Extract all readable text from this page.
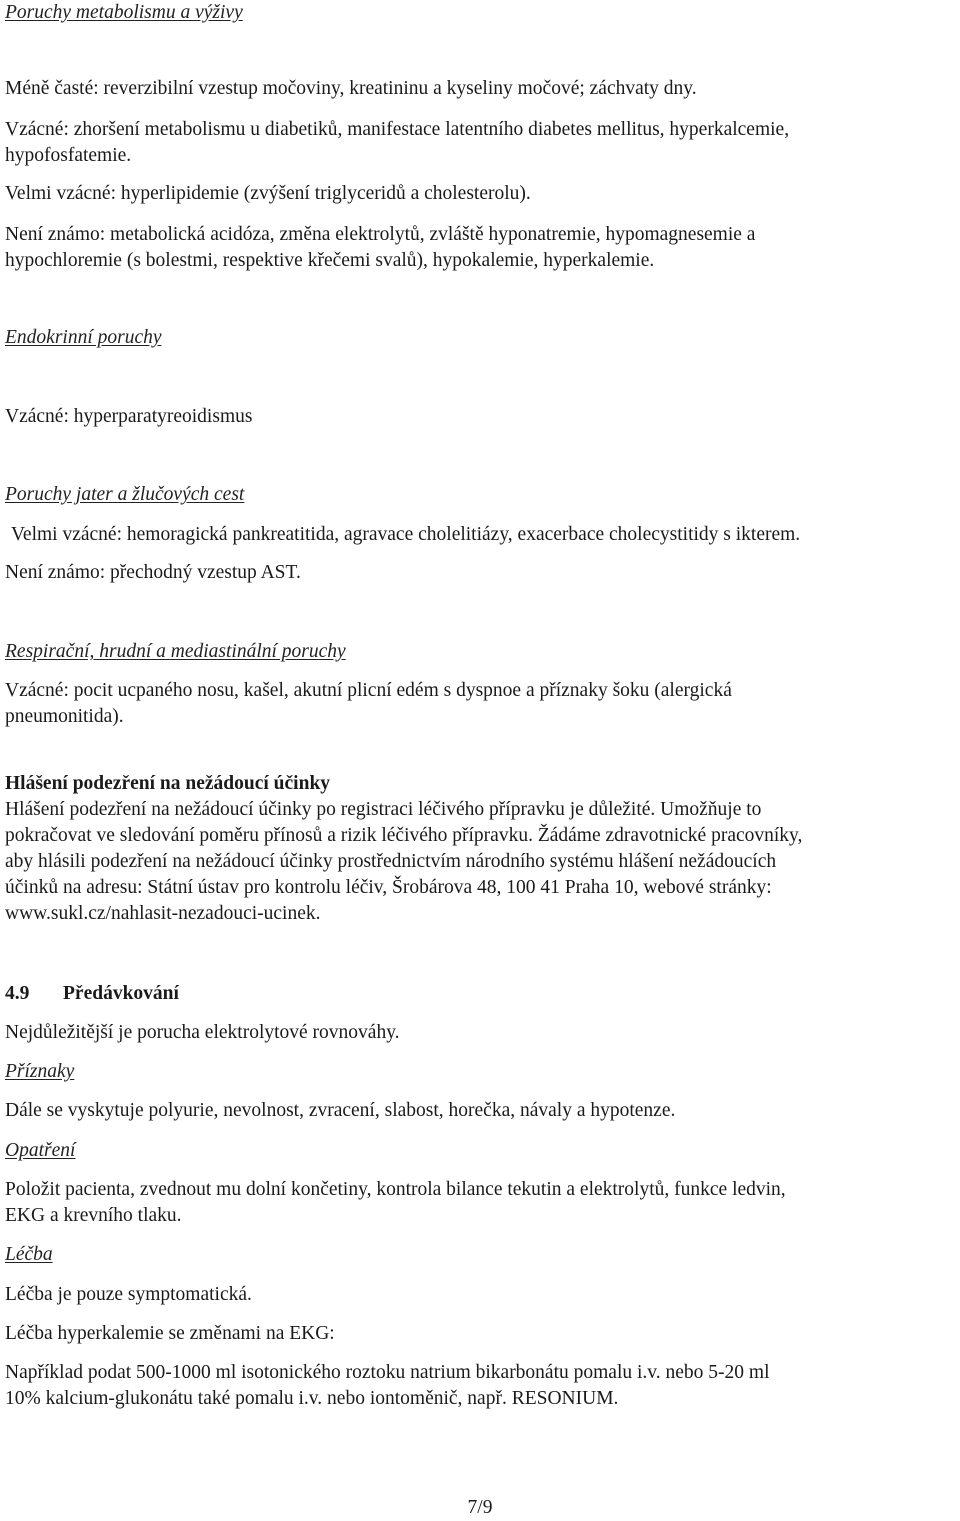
Poruchy metabolismu a výživy
Méně časté: reverzibilní vzestup močoviny, kreatininu a kyseliny močové; záchvaty dny.
Vzácné: zhoršení metabolismu u diabetiků, manifestace latentního diabetes mellitus, hyperkalcemie,
hypofosfatemie.
Velmi vzácné: hyperlipidemie (zvýšení triglyceridů a cholesterolu).
Není známo: metabolická acidóza, změna elektrolytů, zvláště hyponatremie, hypomagnesemie a
hypochloremie (s bolestmi, respektive křečemi svalů), hypokalemie, hyperkalemie.
Endokrinní poruchy
Vzácné: hyperparatyreoidismus
Poruchy jater a žlučových cest
Velmi vzácné: hemoragická pankreatitida, agravace cholelitiázy, exacerbace cholecystitidy s ikterem.
Není známo: přechodný vzestup AST.
Respirační, hrudní a mediastinální poruchy
Vzácné: pocit ucpaného nosu, kašel, akutní plicní edém s dyspnoe a příznaky šoku (alergická
pneumonitida).
Hlášení podezření na nežádoucí účinky
Hlášení podezření na nežádoucí účinky po registraci léčivého přípravku je důležité. Umožňuje to
pokračovat ve sledování poměru přínosů a rizik léčivého přípravku. Žádáme zdravotnické pracovníky,
aby hlásili podezření na nežádoucí účinky prostřednictvím národního systému hlášení nežádoucích
účinků na adresu: Státní ústav pro kontrolu léčiv, Šrobárova 48, 100 41 Praha 10, webové stránky:
www.sukl.cz/nahlasit-nezadouci-ucinek.
4.9 Předávkování
Nejdůležitější je porucha elektrolytové rovnováhy.
Příznaky
Dále se vyskytuje polyurie, nevolnost, zvracení, slabost, horečka, návaly a hypotenze.
Opatření
Položit pacienta, zvednout mu dolní končetiny, kontrola bilance tekutin a elektrolytů, funkce ledvin,
EKG a krevního tlaku.
Léčba
Léčba je pouze symptomatická.
Léčba hyperkalemie se změnami na EKG:
Například podat 500-1000 ml isotonického roztoku natrium bikarbonátu pomalu i.v. nebo 5-20 ml
10% kalcium-glukonátu také pomalu i.v. nebo iontoměnič, např. RESONIUM.
7/9
